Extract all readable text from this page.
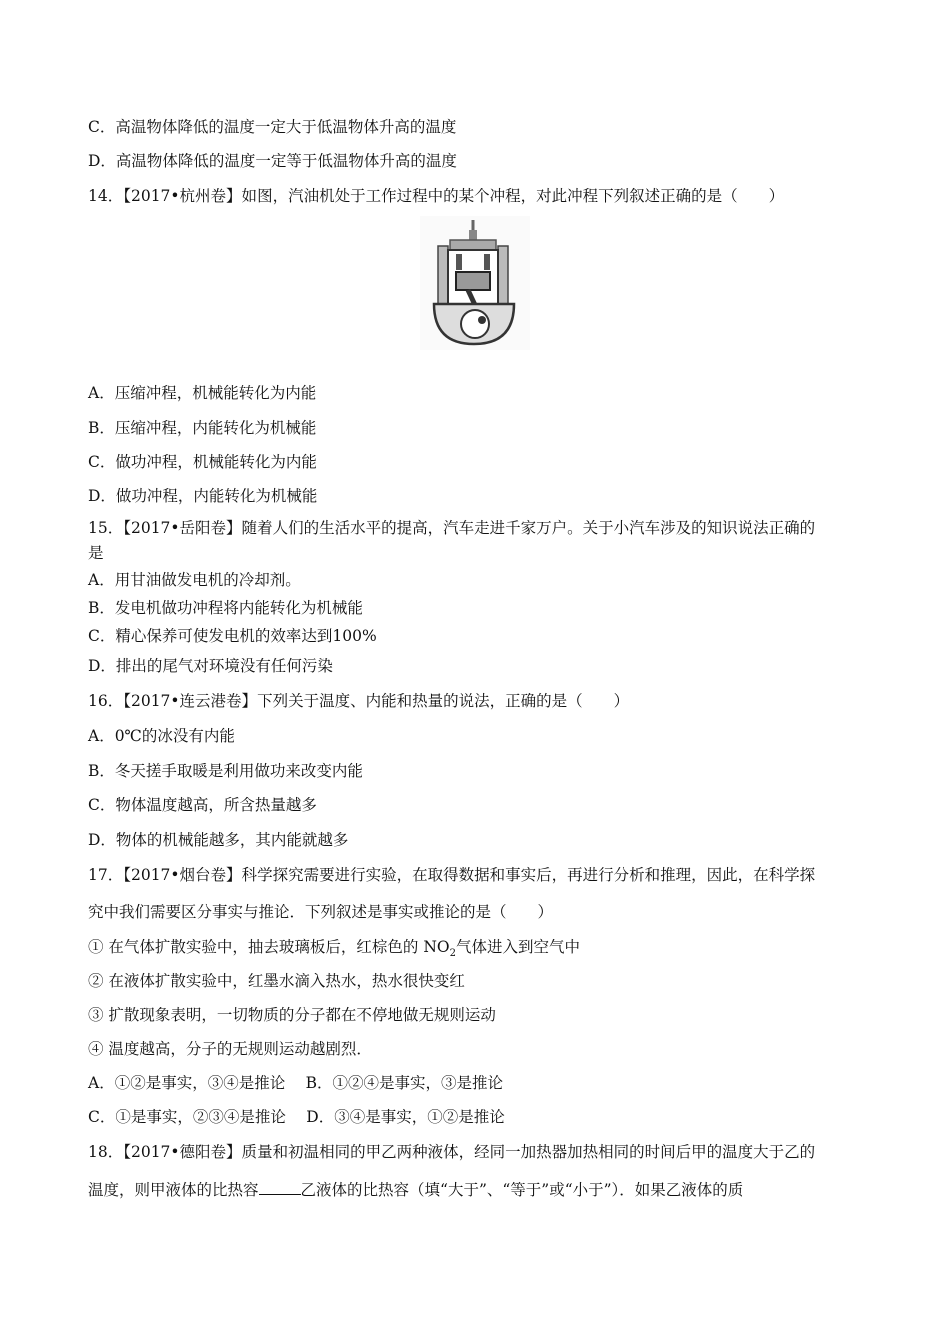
C．高温物体降低的温度一定大于低温物体升高的温度
D．高温物体降低的温度一定等于低温物体升高的温度
14．【2017•杭州卷】如图，汽油机处于工作过程中的某个冲程，对此冲程下列叙述正确的是（　　）
A．压缩冲程，机械能转化为内能
B．压缩冲程，内能转化为机械能
C．做功冲程，机械能转化为内能
D．做功冲程，内能转化为机械能
15．【2017•岳阳卷】随着人们的生活水平的提高，汽车走进千家万户。关于小汽车涉及的知识说法正确的
是
A．用甘油做发电机的冷却剂。
B．发电机做功冲程将内能转化为机械能
C．精心保养可使发电机的效率达到100%
D．排出的尾气对环境没有任何污染
16．【2017•连云港卷】下列关于温度、内能和热量的说法，正确的是（　　）
A．0℃的冰没有内能
B．冬天搓手取暖是利用做功来改变内能
C．物体温度越高，所含热量越多
D．物体的机械能越多，其内能就越多
17．【2017•烟台卷】科学探究需要进行实验，在取得数据和事实后，再进行分析和推理，因此，在科学探
究中我们需要区分事实与推论．下列叙述是事实或推论的是（　　）
① 在气体扩散实验中，抽去玻璃板后，红棕色的 $NO_2$气体进入到空气中
② 在液体扩散实验中，红墨水滴入热水，热水很快变红
③ 扩散现象表明，一切物质的分子都在不停地做无规则运动
④ 温度越高，分子的无规则运动越剧烈．
A．①②是事实，③④是推论　 B．①②④是事实，③是推论
C．①是事实，②③④是推论　 D．③④是事实，①②是推论
18．【2017•德阳卷】质量和初温相同的甲乙两种液体，经同一加热器加热相同的时间后甲的温度大于乙的
温度，则甲液体的比热容	乙液体的比热容（填“大于”、“等于”或“小于”）．如果乙液体的质
